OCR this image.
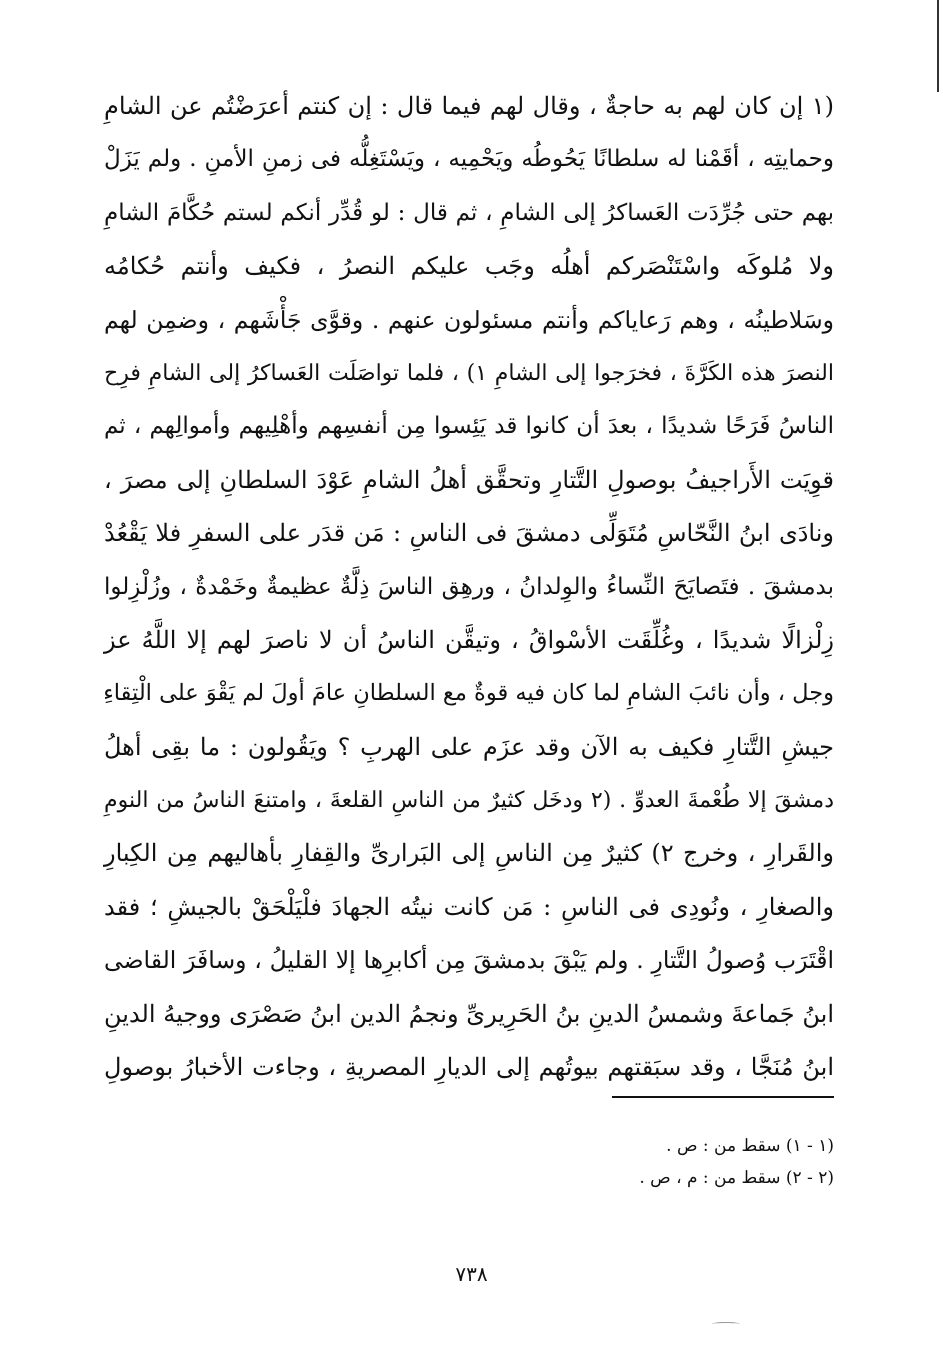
(١ إن كان لهم به حاجةٌ ، وقال لهم فيما قال : إن كنتم أعرَضْتُم عن الشامِ
وحمايتِه ، أقَمْنا له سلطانًا يَحُوطُه ويَحْمِيه ، ويَسْتَغِلُّه فى زمنِ الأمنِ . ولم يَزَلْ
بهم حتى جُرِّدَت العَساكرُ إلى الشامِ ، ثم قال : لو قُدِّر أنكم لستم حُكَّامَ الشامِ
ولا مُلوكَه واسْتَنْصَركم أهلُه وجَب عليكم النصرُ ، فكيف وأنتم حُكامُه
وسَلاطينُه ، وهم رَعاياكم وأنتم مسئولون عنهم . وقوَّى جَأْشَهم ، وضمِن لهم
النصرَ هذه الكَرَّةَ ، فخرَجوا إلى الشامِ ١) ، فلما تواصَلَت العَساكرُ إلى الشامِ فرِح
الناسُ فَرَحًا شديدًا ، بعدَ أن كانوا قد يَئِسوا مِن أنفسِهم وأهْلِيهم وأموالِهم ، ثم
قوِيَت الأَراجيفُ بوصولِ التَّتارِ وتحقَّق أهلُ الشامِ عَوْدَ السلطانِ إلى مصرَ ،
ونادَى ابنُ النَّحّاسِ مُتَوَلِّى دمشقَ فى الناسِ : مَن قدَر على السفرِ فلا يَقْعُدْ
بدمشقَ . فتَصايَحَ النِّساءُ والوِلدانُ ، ورهِق الناسَ ذِلَّةٌ عظيمةٌ وخَمْدةٌ ، وزُلْزِلوا
زِلْزالًا شديدًا ، وغُلِّقَت الأسْواقُ ، وتيقَّن الناسُ أن لا ناصرَ لهم إلا اللَّهُ عز
وجل ، وأن نائبَ الشامِ لما كان فيه قوةٌ مع السلطانِ عامَ أولَ لم يَقْوَ على الْتِقاءِ
جيشِ التَّتارِ فكيف به الآن وقد عزَم على الهربِ ؟ ويَقُولون : ما بقِى أهلُ
دمشقَ إلا طُعْمةَ العدوِّ . (٢ ودخَل كثيرٌ من الناسِ القلعةَ ، وامتنعَ الناسُ من النومِ
والقَرارِ ، وخرج ٢) كثيرٌ مِن الناسِ إلى البَرارىِّ والقِفارِ بأهاليهم مِن الكِبارِ
والصغارِ ، ونُودِى فى الناسِ : مَن كانت نيتُه الجهادَ فلْيَلْحَقْ بالجيشِ ؛ فقد
اقْتَرَب وُصولُ التَّتارِ . ولم يَبْقَ بدمشقَ مِن أكابرِها إلا القليلُ ، وسافَرَ القاضى
ابنُ جَماعةَ وشمسُ الدينِ بنُ الحَرِيرىِّ ونجمُ الدين ابنُ صَصْرَى ووجيهُ الدينِ
ابنُ مُنَجَّا ، وقد سبَقتهم بيوتُهم إلى الديارِ المصريةِ ، وجاءت الأخبارُ بوصولِ
(١ - ١) سقط من : ص .
(٢ - ٢) سقط من : م ، ص .
٧٣٨
